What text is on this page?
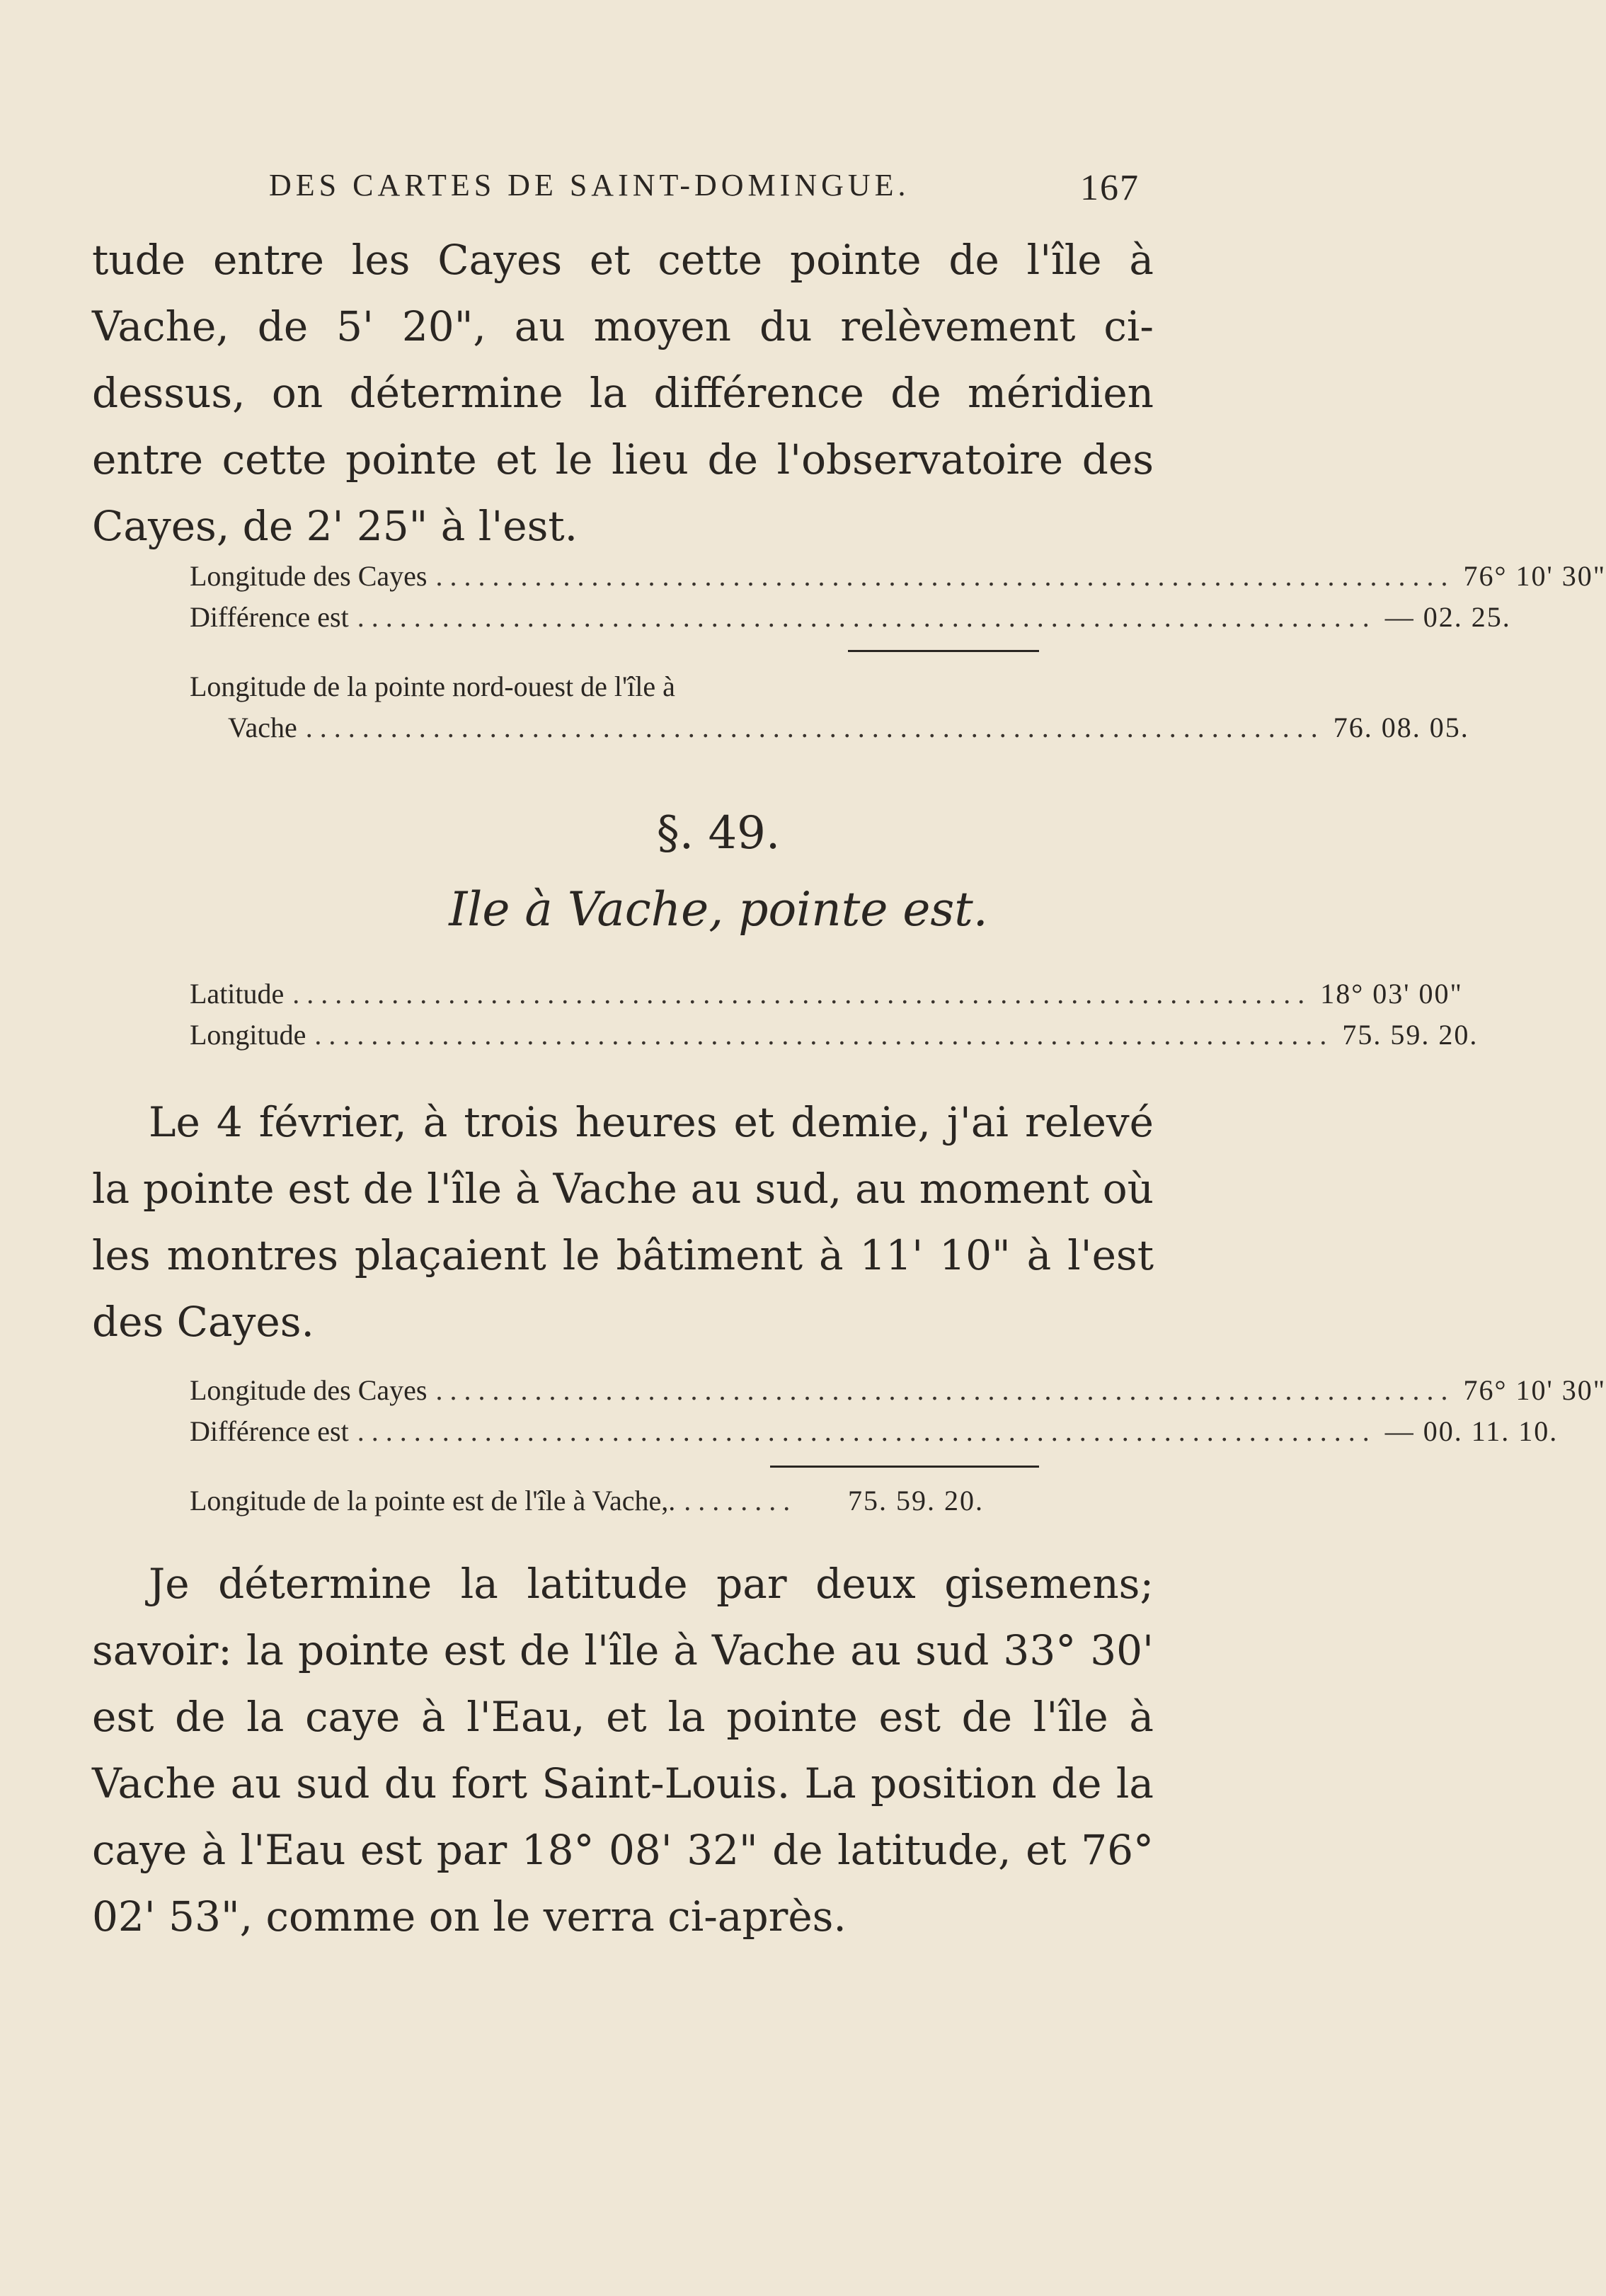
DES CARTES DE SAINT-DOMINGUE.	167

tude entre les Cayes et cette pointe de l'île à Vache, de 5' 20", au moyen du relèvement ci-dessus, on détermine la différence de méridien entre cette pointe et le lieu de l'observatoire des Cayes, de 2' 25" à l'est.

Longitude des Cayes ........................................................................ 76° 10' 30"
Différence est ........................................................................ — 02. 25.
Longitude de la pointe nord-ouest de l'île à
Vache ........................................................................ 76. 08. 05.
§. 49.
Ile à Vache, pointe est.
Latitude ........................................................................ 18° 03' 00"
Longitude ........................................................................ 75. 59. 20.

Le 4 février, à trois heures et demie, j'ai relevé la pointe est de l'île à Vache au sud, au moment où les montres plaçaient le bâtiment à 11' 10" à l'est des Cayes.

Longitude des Cayes ........................................................................ 76° 10' 30"
Différence est ........................................................................ — 00. 11. 10.
Longitude de la pointe est de l'île à Vache,. ........	75. 59. 20.

Je détermine la latitude par deux gisemens; savoir: la pointe est de l'île à Vache au sud 33° 30' est de la caye à l'Eau, et la pointe est de l'île à Vache au sud du fort Saint-Louis. La position de la caye à l'Eau est par 18° 08' 32" de latitude, et 76° 02' 53", comme on le verra ci-après.
